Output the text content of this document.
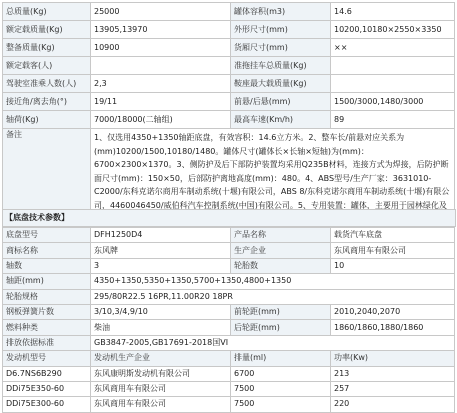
总质量(Kg)	25000	罐体容积(m3)	14.6
额定载质量(Kg)	13905,13970	外形尺寸(mm)	10200,10180×2550×3350
整备质量(Kg)	10900	货厢尺寸(mm)	××
额定载客(人)		准拖挂车总质量(Kg)	
驾驶室准乘人数(人)	2,3	鞍座最大载质量(Kg)	
接近角/离去角(°)	19/11	前悬/后悬(mm)	1500/3000,1480/3000
轴荷(Kg)	7000/18000(二轴组)	最高车速(Km/h)	89
备注	1、仅选用4350+1350轴距底盘，有效容积：14.6立方米。2、整车长/前悬对应关系为(mm)10200/1500,10180/1480。罐体尺寸(罐体长×长轴×短轴)为(mm)：6700×2300×1370。3、侧防护及后下部防护装置均采用Q235B材料，连接方式为焊接，后防护断面尺寸(mm)：150×50，后部防护离地高度(mm)：480。4、ABS型号/生产厂家：3631010-C2000/东科克诺尔商用车制动系统(十堰)有限公司，ABS 8/东科克诺尔商用车制动系统(十堰)有限公司，4460046450/威伯科汽车控制系统(中国)有限公司。5、专用装置：罐体，主要用于园林绿化及		
【底盘技术参数】
底盘型号	DFH1250D4	产品名称	载货汽车底盘
商标名称	东风牌	生产企业	东风商用车有限公司
轴数	3	轮胎数	10
轴距(mm)	4350+1350,5350+1350,5700+1350,4800+1350		
轮胎规格	295/80R22.5 16PR,11.00R20 18PR		
钢板弹簧片数	3/10,3/4,9/10	前轮距(mm)	2010,2040,2070
燃料种类	柴油	后轮距(mm)	1860/1860,1880/1860
排放依据标准	GB3847-2005,GB17691-2018国VI		
发动机型号	发动机生产企业	排量(ml)	功率(Kw)
D6.7NS6B290	东风康明斯发动机有限公司	6700	213
DDi75E350-60	东风商用车有限公司	7500	257
DDi75E300-60	东风商用车有限公司	7500	220
